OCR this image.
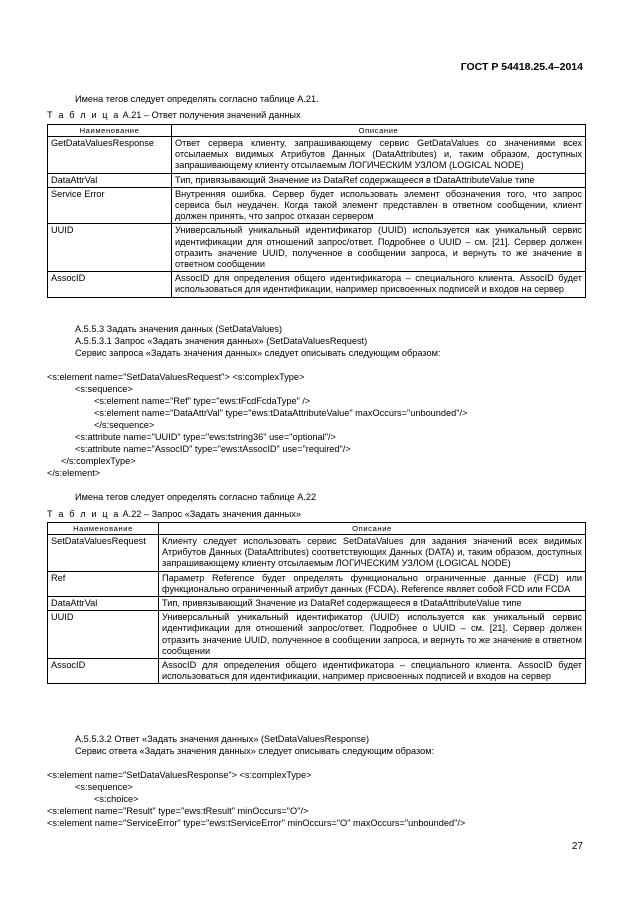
ГОСТ Р 54418.25.4–2014
Имена тегов следует определять согласно таблице А.21.
Т а б л и ц а А.21 – Ответ получения значений данных
Наименование	Описание
GetDataValuesResponse	Ответ сервера клиенту, запрашивающему сервис GetDataValues со значениями всех отсылаемых видимых Атрибутов Данных (DataAttributes) и, таким образом, доступных запрашивающему клиенту отсылаемым ЛОГИЧЕСКИМ УЗЛОМ (LOGICAL NODE)
DataAttrVal	Тип, привязывающий Значение из DataRef содержащееся в tDataAttributeValue типе
Service Error	Внутренняя ошибка. Сервер будет использовать элемент обозначения того, что запрос сервиса был неудачен. Когда такой элемент представлен в ответном сообщении, клиент должен принять, что запрос отказан сервером
UUID	Универсальный уникальный идентификатор (UUID) используется как уникальный сервис идентификации для отношений запрос/ответ. Подробнее о UUID – см. [21]. Сервер должен отразить значение UUID, полученное в сообщении запроса, и вернуть то же значение в ответном сообщении
AssocID	AssocID для определения общего идентификатора – специального клиента. AssocID будет использоваться для идентификации, например присвоенных подписей и входов на сервер
А.5.5.3 Задать значения данных (SetDataValues)
А.5.5.3.1 Запрос «Задать значения данных» (SetDataValuesRequest)
Сервис запроса «Задать значения данных» следует описывать следующим образом:
<s:element name="SetDataValuesRequest"> <s:complexType>
<s:sequence>
<s:element name="Ref" type="ews:tFcdFcdaType" />
<s:element name="DataAttrVal" type="ews:tDataAttributeValue" maxOccurs="unbounded"/>
</s:sequence>
<s:attribute name="UUID" type="ews:tstring36" use="optional"/>
<s:attribute name="AssocID" type="ews:tAssocID" use="required"/>
</s:complexType>
</s:element>
Имена тегов следует определять согласно таблице А.22
Т а б л и ц а А.22 – Запрос «Задать значения данных»
Наименование	Описание
SetDataValuesRequest	Клиенту следует использовать сервис SetDataValues для задания значений всех видимых Атрибутов Данных (DataAttributes) соответствующих Данных (DATA) и, таким образом, доступных запрашивающему клиенту отсылаемым ЛОГИЧЕСКИМ УЗЛОМ (LOGICAL NODE)
Ref	Параметр Reference будет определять функционально ограниченные данные (FCD) или функционально ограниченный атрибут данных (FCDA). Reference являет собой FCD или FCDA
DataAttrVal	Тип, привязывающий Значение из DataRef содержащееся в tDataAttributeValue типе
UUID	Универсальный уникальный идентификатор (UUID) используется как уникальный сервис идентификации для отношений запрос/ответ. Подробнее о UUID – см. [21]. Сервер должен отразить значение UUID, полученное в сообщении запроса, и вернуть то же значение в ответном сообщении
AssocID	AssocID для определения общего идентификатора – специального клиента. AssocID будет использоваться для идентификации, например присвоенных подписей и входов на сервер
А.5.5.3.2 Ответ «Задать значения данных» (SetDataValuesResponse)
Сервис ответа «Задать значения данных» следует описывать следующим образом:
<s:element name="SetDataValuesResponse"> <s:complexType>
<s:sequence>
<s:choice>
<s:element name="Result" type="ews:tResult" minOccurs="O"/>
<s:element name="ServiceError" type="ews:tServiceError" minOccurs="O" maxOccurs="unbounded"/>
27
